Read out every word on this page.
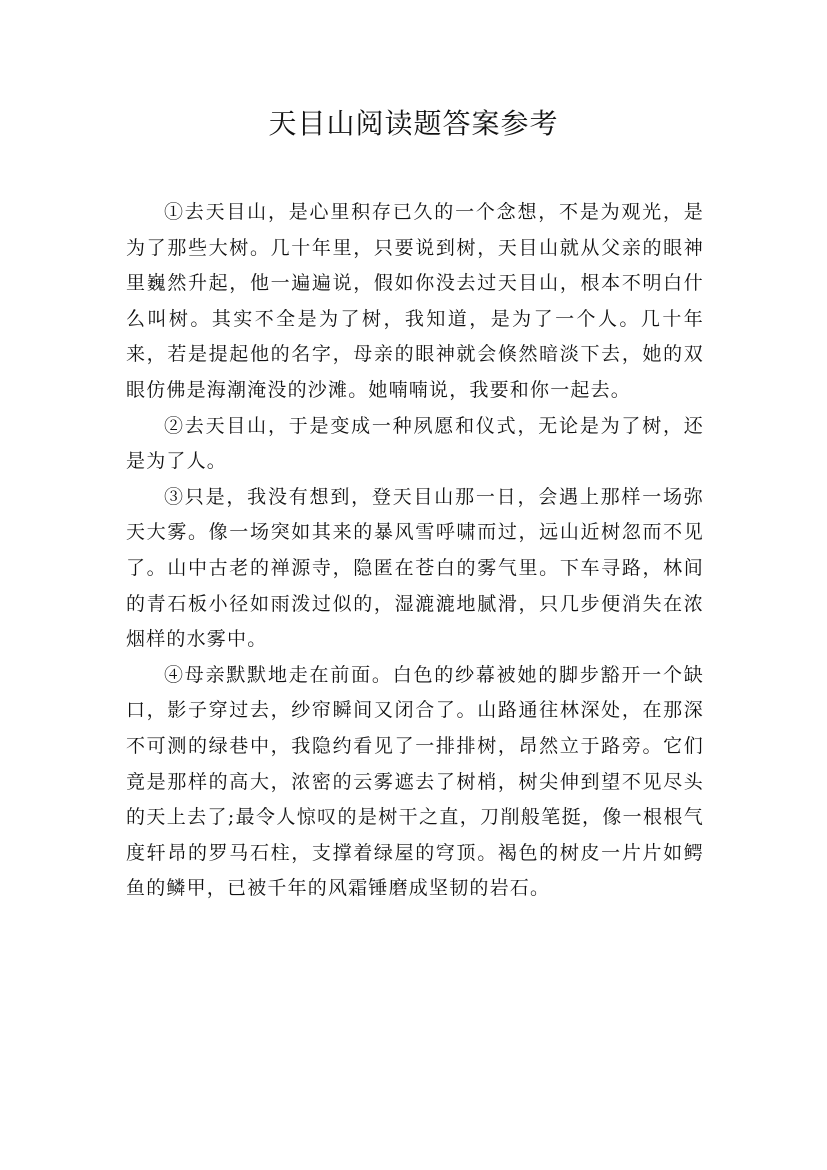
天目山阅读题答案参考

①去天目山，是心里积存已久的一个念想，不是为观光，是为了那些大树。几十年里，只要说到树，天目山就从父亲的眼神里巍然升起，他一遍遍说，假如你没去过天目山，根本不明白什么叫树。其实不全是为了树，我知道，是为了一个人。几十年来，若是提起他的名字，母亲的眼神就会倏然暗淡下去，她的双眼仿佛是海潮淹没的沙滩。她喃喃说，我要和你一起去。

②去天目山，于是变成一种夙愿和仪式，无论是为了树，还是为了人。

③只是，我没有想到，登天目山那一日，会遇上那样一场弥天大雾。像一场突如其来的暴风雪呼啸而过，远山近树忽而不见了。山中古老的禅源寺，隐匿在苍白的雾气里。下车寻路，林间的青石板小径如雨泼过似的，湿漉漉地腻滑，只几步便消失在浓烟样的水雾中。

④母亲默默地走在前面。白色的纱幕被她的脚步豁开一个缺口，影子穿过去，纱帘瞬间又闭合了。山路通往林深处，在那深不可测的绿巷中，我隐约看见了一排排树，昂然立于路旁。它们竟是那样的高大，浓密的云雾遮去了树梢，树尖伸到望不见尽头的天上去了;最令人惊叹的是树干之直，刀削般笔挺，像一根根气度轩昂的罗马石柱，支撑着绿屋的穹顶。褐色的树皮一片片如鳄鱼的鳞甲，已被千年的风霜锤磨成坚韧的岩石。
